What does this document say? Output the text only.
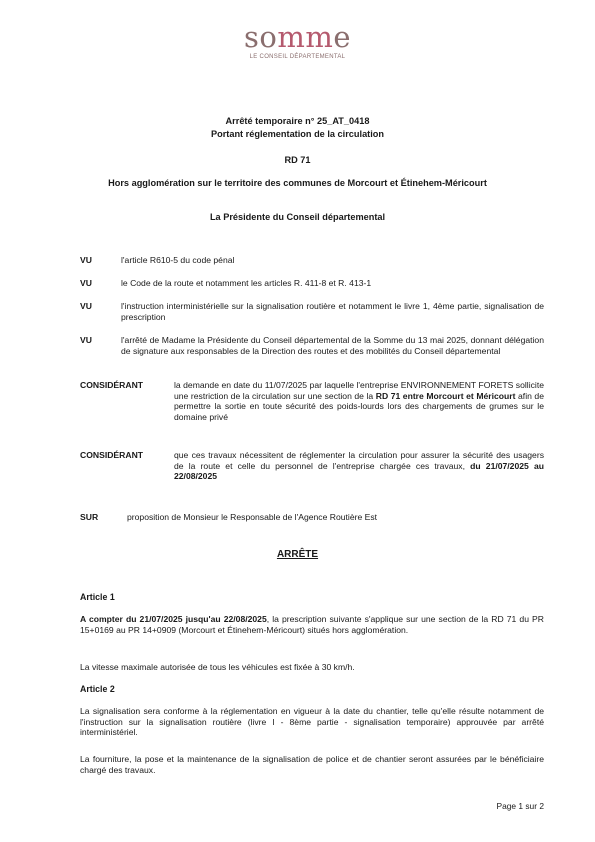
somme
LE CONSEIL DÉPARTEMENTAL
Arrêté temporaire n° 25_AT_0418
Portant réglementation de la circulation
RD 71
Hors agglomération sur le territoire des communes de Morcourt et Étinehem-Méricourt
La Présidente du Conseil départemental
VU	l'article R610-5 du code pénal
VU	le Code de la route et notamment les articles R. 411-8 et R. 413-1
VU	l'instruction interministérielle sur la signalisation routière et notamment le livre 1, 4ème partie, signalisation de prescription
VU	l'arrêté de Madame la Présidente du Conseil départemental de la Somme du 13 mai 2025, donnant délégation de signature aux responsables de la Direction des routes et des mobilités du Conseil départemental
CONSIDÉRANT	la demande en date du 11/07/2025 par laquelle l'entreprise ENVIRONNEMENT FORETS sollicite une restriction de la circulation sur une section de la RD 71 entre Morcourt et Méricourt afin de permettre la sortie en toute sécurité des poids-lourds lors des chargements de grumes sur le domaine privé
CONSIDÉRANT	que ces travaux nécessitent de réglementer la circulation pour assurer la sécurité des usagers de la route et celle du personnel de l'entreprise chargée ces travaux, du 21/07/2025 au 22/08/2025
SUR	proposition de Monsieur le Responsable de l'Agence Routière Est
ARRÊTE
Article 1
A compter du 21/07/2025 jusqu'au 22/08/2025, la prescription suivante s'applique sur une section de la RD 71 du PR 15+0169 au PR 14+0909 (Morcourt et Étinehem-Méricourt) situés hors agglomération.
La vitesse maximale autorisée de tous les véhicules est fixée à 30 km/h.
Article 2
La signalisation sera conforme à la réglementation en vigueur à la date du chantier, telle qu'elle résulte notamment de l'instruction sur la signalisation routière (livre I - 8ème partie - signalisation temporaire) approuvée par arrêté interministériel.
La fourniture, la pose et la maintenance de la signalisation de police et de chantier seront assurées par le bénéficiaire chargé des travaux.
Page 1 sur 2
